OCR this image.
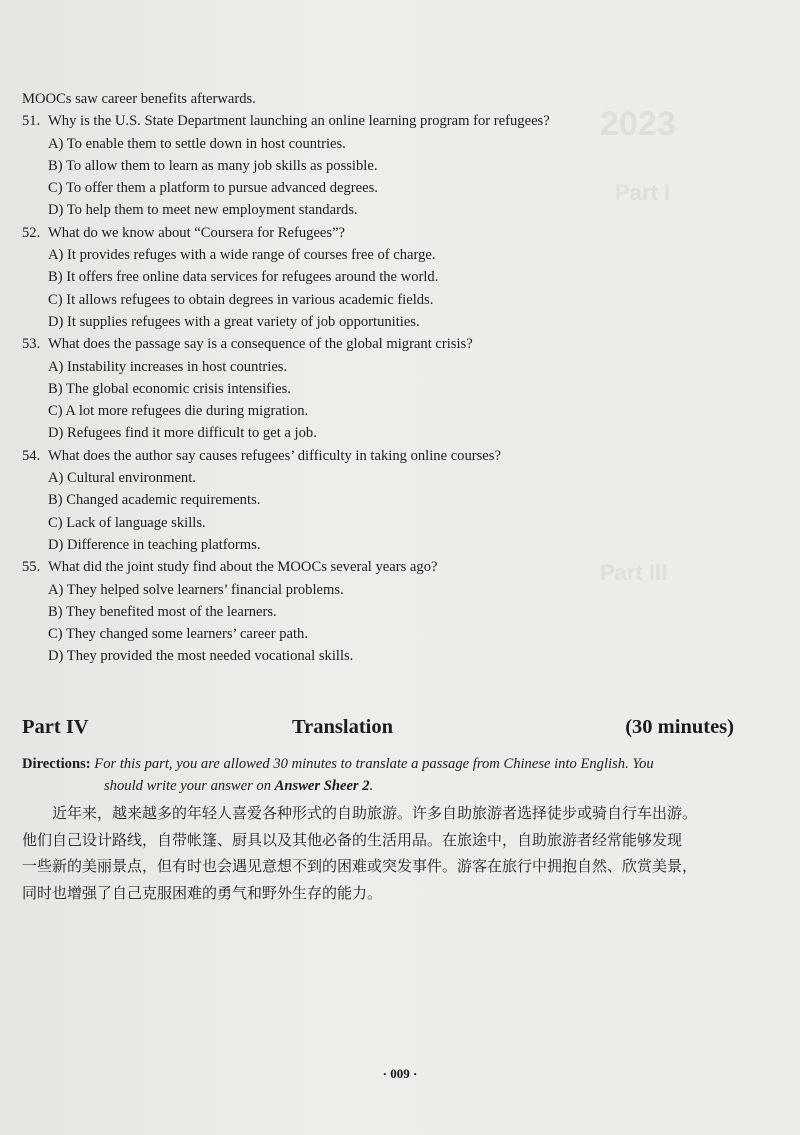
2023
Part I
Part III
MOOCs saw career benefits afterwards.
51. Why is the U.S. State Department launching an online learning program for refugees?
A) To enable them to settle down in host countries.
B) To allow them to learn as many job skills as possible.
C) To offer them a platform to pursue advanced degrees.
D) To help them to meet new employment standards.
52. What do we know about “Coursera for Refugees”?
A) It provides refuges with a wide range of courses free of charge.
B) It offers free online data services for refugees around the world.
C) It allows refugees to obtain degrees in various academic fields.
D) It supplies refugees with a great variety of job opportunities.
53. What does the passage say is a consequence of the global migrant crisis?
A) Instability increases in host countries.
B) The global economic crisis intensifies.
C) A lot more refugees die during migration.
D) Refugees find it more difficult to get a job.
54. What does the author say causes refugees’ difficulty in taking online courses?
A) Cultural environment.
B) Changed academic requirements.
C) Lack of language skills.
D) Difference in teaching platforms.
55. What did the joint study find about the MOOCs several years ago?
A) They helped solve learners’ financial problems.
B) They benefited most of the learners.
C) They changed some learners’ career path.
D) They provided the most needed vocational skills.
Part IV	Translation	(30 minutes)
Directions: For this part, you are allowed 30 minutes to translate a passage from Chinese into English. You
should write your answer on Answer Sheer 2.
　　近年来，越来越多的年轻人喜爱各种形式的自助旅游。许多自助旅游者选择徒步或骑自行车出游。
他们自己设计路线，自带帐篷、厨具以及其他必备的生活用品。在旅途中，自助旅游者经常能够发现
一些新的美丽景点，但有时也会遇见意想不到的困难或突发事件。游客在旅行中拥抱自然、欣赏美景，
同时也增强了自己克服困难的勇气和野外生存的能力。
· 009 ·
